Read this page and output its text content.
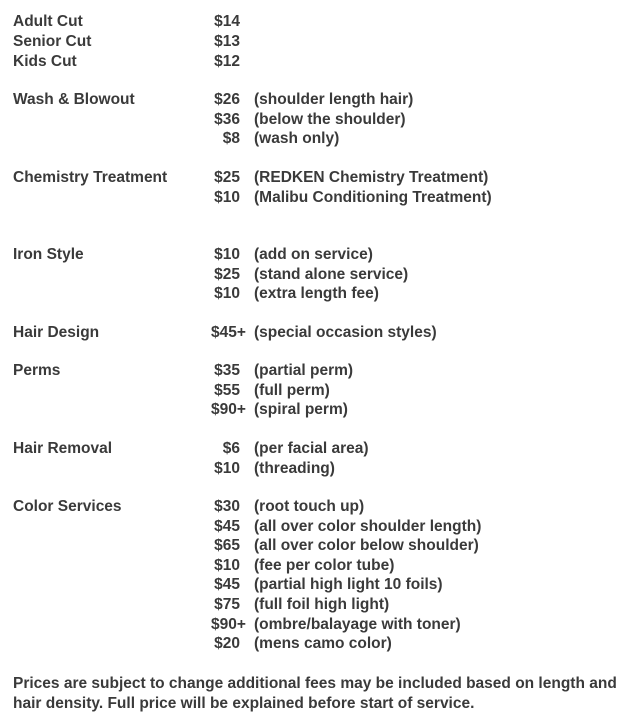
Adult Cut	$14
Senior Cut	$13
Kids Cut	$12
Wash & Blowout	$26 (shoulder length hair)
$36 (below the shoulder)
$8 (wash only)
Chemistry Treatment	$25 (REDKEN Chemistry Treatment)
$10 (Malibu Conditioning Treatment)
Iron Style	$10 (add on service)
$25 (stand alone service)
$10 (extra length fee)
Hair Design	$45+ (special occasion styles)
Perms	$35 (partial perm)
$55 (full perm)
$90+ (spiral perm)
Hair Removal	$6 (per facial area)
$10 (threading)
Color Services	$30 (root touch up)
$45 (all over color shoulder length)
$65 (all over color below shoulder)
$10 (fee per color tube)
$45 (partial high light 10 foils)
$75 (full foil high light)
$90+ (ombre/balayage with toner)
$20 (mens camo color)
Prices are subject to change additional fees may be included based on length and hair density. Full price will be explained before start of service.
